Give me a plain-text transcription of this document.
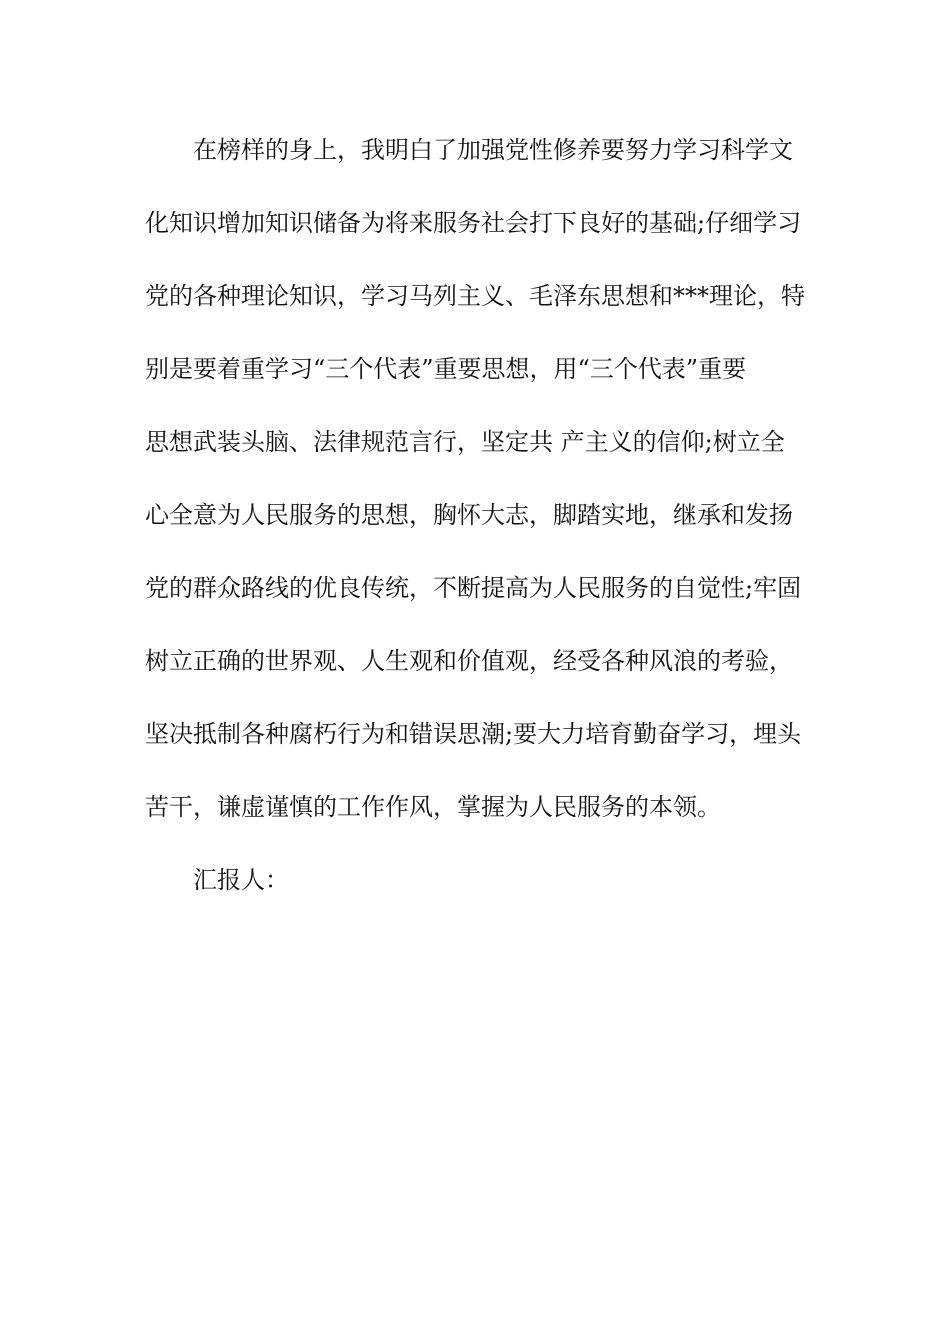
在榜样的身上，我明白了加强党性修养要努力学习科学文
化知识增加知识储备为将来服务社会打下良好的基础;仔细学习
党的各种理论知识，学习马列主义、毛泽东思想和***理论，特
别是要着重学习“三个代表”重要思想，用“三个代表”重要
思想武装头脑、法律规范言行，坚定共 产主义的信仰;树立全
心全意为人民服务的思想，胸怀大志，脚踏实地，继承和发扬
党的群众路线的优良传统，不断提高为人民服务的自觉性;牢固
树立正确的世界观、人生观和价值观，经受各种风浪的考验，
坚决抵制各种腐朽行为和错误思潮;要大力培育勤奋学习，埋头
苦干，谦虚谨慎的工作作风，掌握为人民服务的本领。
汇报人：
